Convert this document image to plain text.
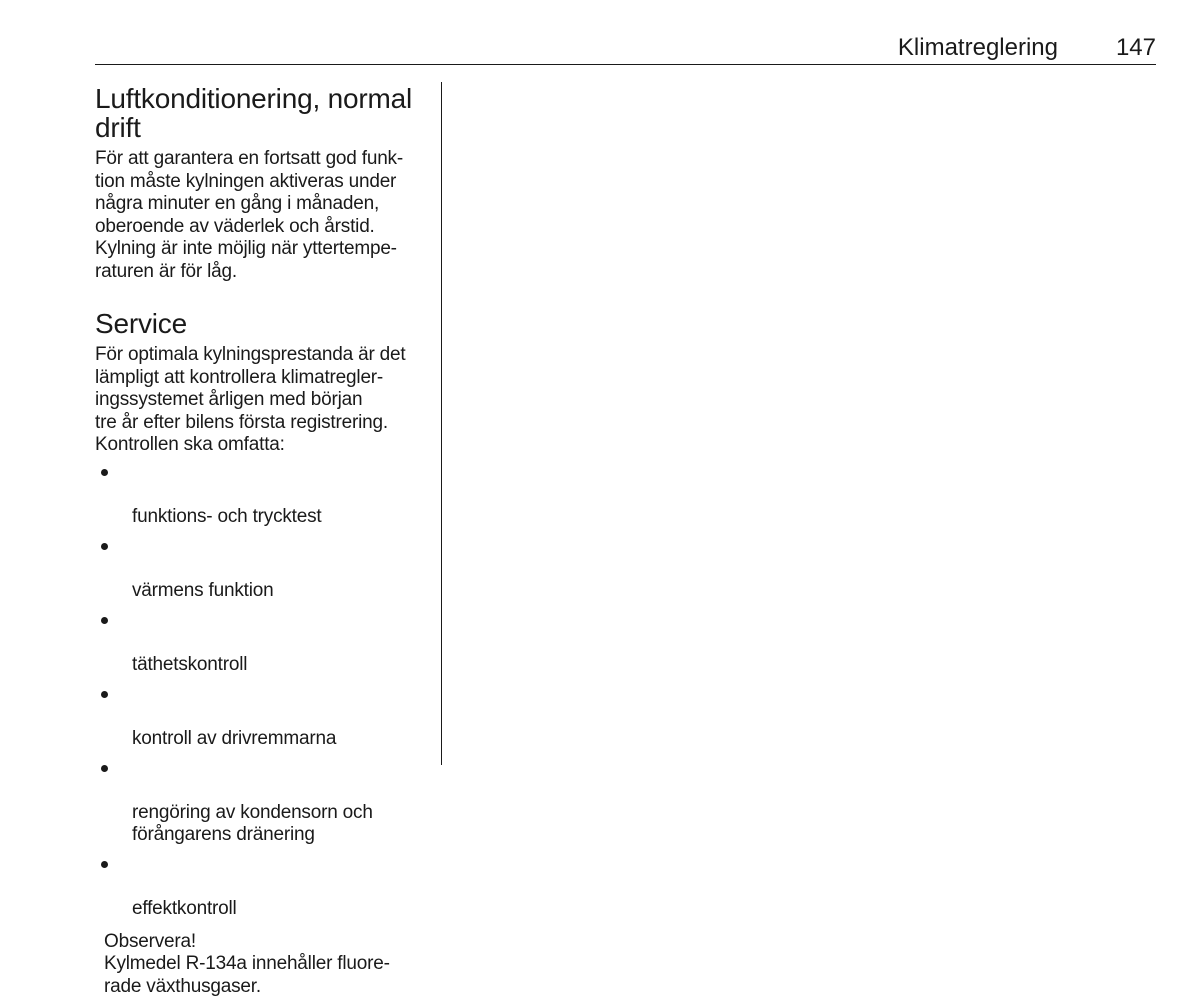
Klimatreglering 147
Luftkonditionering, normal
drift

För att garantera en fortsatt god funk-
tion måste kylningen aktiveras under
några minuter en gång i månaden,
oberoende av väderlek och årstid.
Kylning är inte möjlig när yttertempe-
raturen är för låg.

Service

För optimala kylningsprestanda är det
lämpligt att kontrollera klimatregler-
ingssystemet årligen med början
tre år efter bilens första registrering.
Kontrollen ska omfatta:

funktions- och trycktest

värmens funktion

täthetskontroll

kontroll av drivremmarna

rengöring av kondensorn och
förångarens dränering

effektkontroll

Observera!
Kylmedel R-134a innehåller fluore-
rade växthusgaser.
